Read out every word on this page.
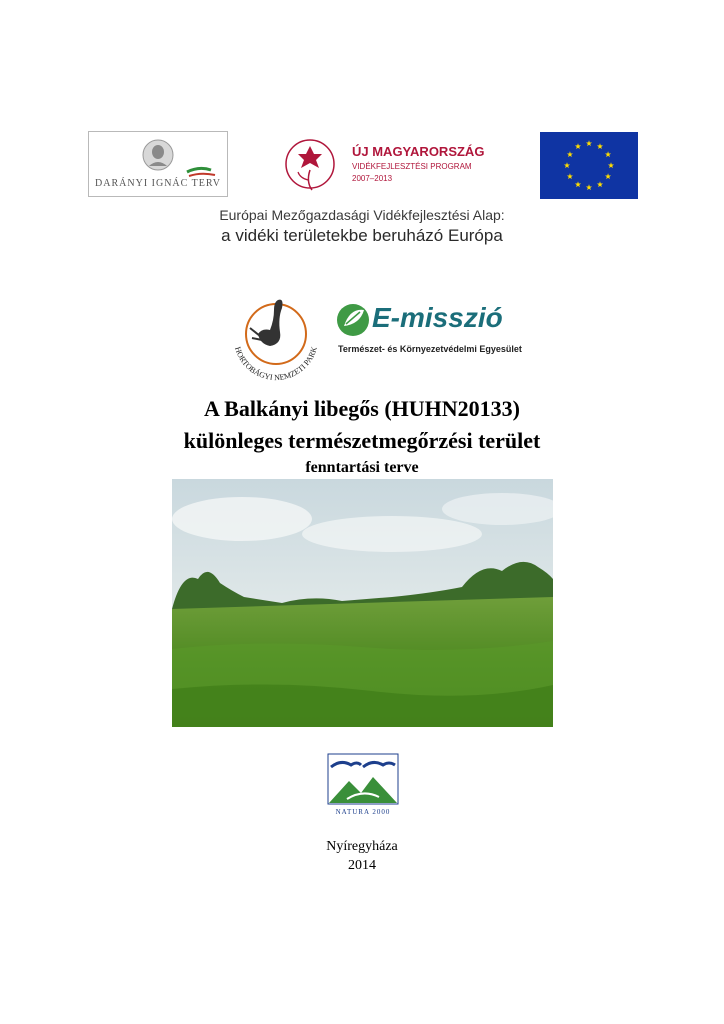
DARÁNYI IGNÁC TERV
ÚJ MAGYARORSZÁG
VIDÉKFEJLESZTÉSI PROGRAM
2007–2013
Európai Mezőgazdasági Vidékfejlesztési Alap:
a vidéki területekbe beruházó Európa
HORTOBÁGYI NEMZETI PARK
E-misszió
Természet- és Környezetvédelmi Egyesület
A Balkányi libegős (HUHN20133)
különleges természetmegőrzési terület
fenntartási terve
NATURA 2000
Nyíregyháza
2014
